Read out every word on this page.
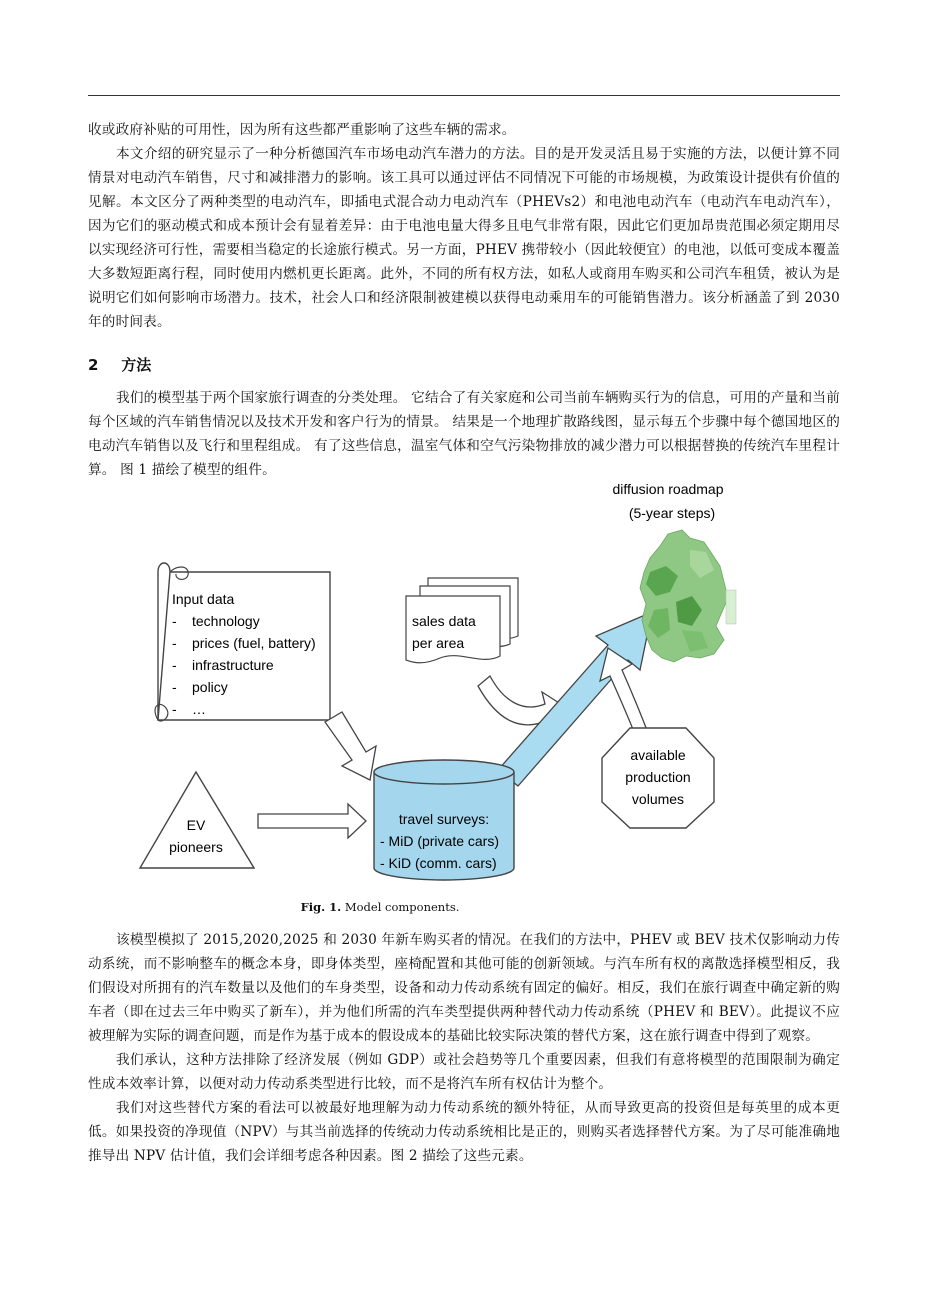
收或政府补贴的可用性，因为所有这些都严重影响了这些车辆的需求。

本文介绍的研究显示了一种分析德国汽车市场电动汽车潜力的方法。目的是开发灵活且易于实施的方法，以便计算不同情景对电动汽车销售，尺寸和减排潜力的影响。该工具可以通过评估不同情况下可能的市场规模，为政策设计提供有价值的见解。本文区分了两种类型的电动汽车，即插电式混合动力电动汽车（PHEVs2）和电池电动汽车（电动汽车电动汽车），因为它们的驱动模式和成本预计会有显着差异：由于电池电量大得多且电气非常有限，因此它们更加昂贵范围必须定期用尽以实现经济可行性，需要相当稳定的长途旅行模式。另一方面，PHEV 携带较小（因此较便宜）的电池，以低可变成本覆盖大多数短距离行程，同时使用内燃机更长距离。此外，不同的所有权方法，如私人或商用车购买和公司汽车租赁，被认为是说明它们如何影响市场潜力。技术，社会人口和经济限制被建模以获得电动乘用车的可能销售潜力。该分析涵盖了到 2030 年的时间表。

2 方法

我们的模型基于两个国家旅行调查的分类处理。 它结合了有关家庭和公司当前车辆购买行为的信息，可用的产量和当前每个区域的汽车销售情况以及技术开发和客户行为的情景。 结果是一个地理扩散路线图，显示每五个步骤中每个德国地区的电动汽车销售以及飞行和里程组成。 有了这些信息，温室气体和空气污染物排放的减少潜力可以根据替换的传统汽车里程计算。 图 1 描绘了模型的组件。

Input data
- technology
- prices (fuel, battery)
- infrastructure
- policy
- …
sales data
per area
available
production
volumes
diffusion roadmap
(5-year steps)
EV
pioneers
travel surveys:
- MiD (private cars)
- KiD (comm. cars)
Fig. 1. Model components.

该模型模拟了 2015,2020,2025 和 2030 年新车购买者的情况。在我们的方法中，PHEV 或 BEV 技术仅影响动力传动系统，而不影响整车的概念本身，即身体类型，座椅配置和其他可能的创新领域。与汽车所有权的离散选择模型相反，我们假设对所拥有的汽车数量以及他们的车身类型，设备和动力传动系统有固定的偏好。相反，我们在旅行调查中确定新的购车者（即在过去三年中购买了新车），并为他们所需的汽车类型提供两种替代动力传动系统（PHEV 和 BEV）。此提议不应被理解为实际的调查问题，而是作为基于成本的假设成本的基础比较实际决策的替代方案，这在旅行调查中得到了观察。

我们承认，这种方法排除了经济发展（例如 GDP）或社会趋势等几个重要因素，但我们有意将模型的范围限制为确定性成本效率计算，以便对动力传动系类型进行比较，而不是将汽车所有权估计为整个。

我们对这些替代方案的看法可以被最好地理解为动力传动系统的额外特征，从而导致更高的投资但是每英里的成本更低。如果投资的净现值（NPV）与其当前选择的传统动力传动系统相比是正的，则购买者选择替代方案。为了尽可能准确地推导出 NPV 估计值，我们会详细考虑各种因素。图 2 描绘了这些元素。
